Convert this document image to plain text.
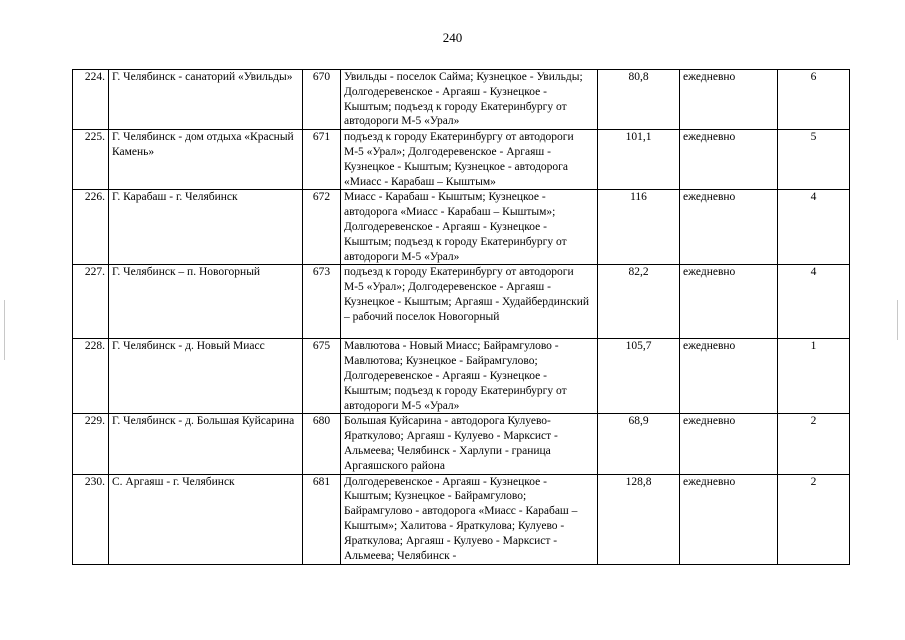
240
224.	Г. Челябинск - санаторий «Увильды»	670	Увильды - поселок Сайма; Кузнецкое - Увильды; Долгодеревенское - Аргаяш - Кузнецкое - Кыштым; подъезд к городу Екатеринбургу от автодороги М-5 «Урал»	80,8	ежедневно	6
225.	Г. Челябинск - дом отдыха «Красный Камень»	671	подъезд к городу Екатеринбургу от автодороги М-5 «Урал»; Долгодеревенское - Аргаяш - Кузнецкое - Кыштым; Кузнецкое - автодорога «Миасс - Карабаш – Кыштым»	101,1	ежедневно	5
226.	Г. Карабаш - г. Челябинск	672	Миасс - Карабаш - Кыштым; Кузнецкое - автодорога «Миасс - Карабаш – Кыштым»; Долгодеревенское - Аргаяш - Кузнецкое - Кыштым; подъезд к городу Екатеринбургу от автодороги М-5 «Урал»	116	ежедневно	4
227.	Г. Челябинск – п. Новогорный	673	подъезд к городу Екатеринбургу от автодороги М-5 «Урал»; Долгодеревенское - Аргаяш - Кузнецкое - Кыштым; Аргаяш - Худайбердинский – рабочий поселок Новогорный	82,2	ежедневно	4
228.	Г. Челябинск - д. Новый Миасс	675	Мавлютова - Новый Миасс; Байрамгулово - Мавлютова; Кузнецкое - Байрамгулово; Долгодеревенское - Аргаяш - Кузнецкое - Кыштым; подъезд к городу Екатеринбургу от автодороги М-5 «Урал»	105,7	ежедневно	1
229.	Г. Челябинск - д. Большая Куйсарина	680	Большая Куйсарина - автодорога Кулуево-Яраткулово; Аргаяш - Кулуево - Марксист - Альмеева; Челябинск - Харлупи - граница Аргаяшского района	68,9	ежедневно	2
230.	С. Аргаяш - г. Челябинск	681	Долгодеревенское - Аргаяш - Кузнецкое - Кыштым; Кузнецкое - Байрамгулово; Байрамгулово - автодорога «Миасс - Карабаш – Кыштым»; Халитова - Яраткулова; Кулуево - Яраткулова; Аргаяш - Кулуево - Марксист - Альмеева; Челябинск -	128,8	ежедневно	2
